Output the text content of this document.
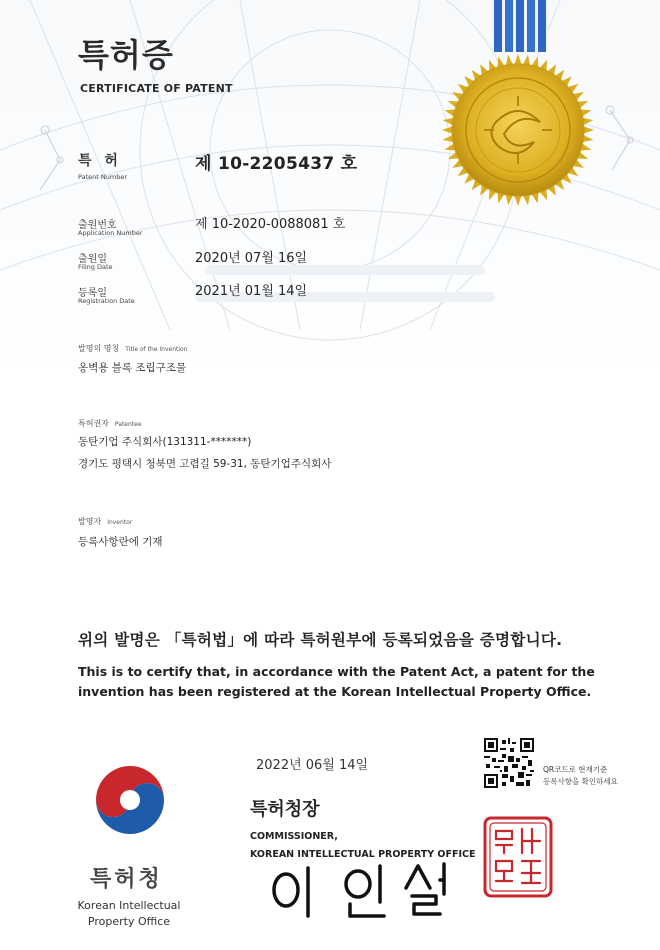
특허증
CERTIFICATE OF PATENT
특 허
Patent Number
제 10-2205437 호
출원번호
Application Number
제 10-2020-0088081 호
출원일
Filing Date
2020년 07월 16일
등록일
Registration Date
2021년 01월 14일
발명의 명칭 Title of the Invention
옹벽용 블록 조립구조물
특허권자 Patentee
동탄기업 주식회사(131311-*******)
경기도 평택시 청북면 고렴길 59-31, 동탄기업주식회사
발명자 Inventor
등록사항란에 기재
위의 발명은 「특허법」에 따라 특허원부에 등록되었음을 증명합니다.
This is to certify that, in accordance with the Patent Act, a patent for the invention has been registered at the Korean Intellectual Property Office.
2022년 06월 14일
특허청장
COMMISSIONER,
KOREAN INTELLECTUAL PROPERTY OFFICE
QR코드로 현재기준
등록사항을 확인하세요
특허청
Korean Intellectual
Property Office
